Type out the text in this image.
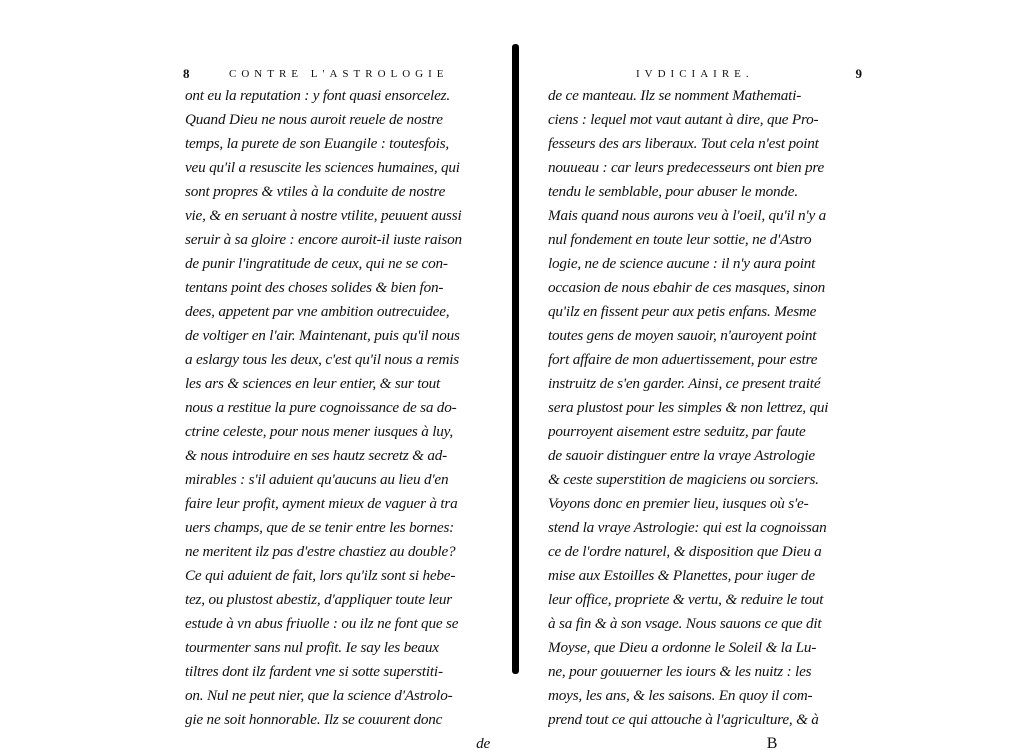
8	CONTRE L'ASTROLOGIE
ont eu la reputation : y font quasi ensorcelez.
Quand Dieu ne nous auroit reuele de nostre
temps, la purete de son Euangile : toutesfois,
veu qu'il a resuscite les sciences humaines, qui
sont propres & vtiles à la conduite de nostre
vie, & en seruant à nostre vtilite, peuuent aussi
seruir à sa gloire : encore auroit-il iuste raison
de punir l'ingratitude de ceux, qui ne se con-
tentans point des choses solides & bien fon-
dees, appetent par vne ambition outrecuidee,
de voltiger en l'air. Maintenant, puis qu'il nous
a eslargy tous les deux, c'est qu'il nous a remis
les ars & sciences en leur entier, & sur tout
nous a restitue la pure cognoissance de sa do-
ctrine celeste, pour nous mener iusques à luy,
& nous introduire en ses hautz secretz & ad-
mirables : s'il aduient qu'aucuns au lieu d'en
faire leur profit, ayment mieux de vaguer à tra
uers champs, que de se tenir entre les bornes:
ne meritent ilz pas d'estre chastiez au double?
Ce qui aduient de fait, lors qu'ilz sont si hebe-
tez, ou plustost abestiz, d'appliquer toute leur
estude à vn abus friuolle : ou ilz ne font que se
tourmenter sans nul profit. Ie say les beaux
tiltres dont ilz fardent vne si sotte superstiti-
on. Nul ne peut nier, que la science d'Astrolo-
gie ne soit honnorable. Ilz se couurent donc
de
IVDICIAIRE.	9
de ce manteau. Ilz se nomment Mathemati-
ciens : lequel mot vaut autant à dire, que Pro-
fesseurs des ars liberaux. Tout cela n'est point
nouueau : car leurs predecesseurs ont bien pre
tendu le semblable, pour abuser le monde.
Mais quand nous aurons veu à l'oeil, qu'il n'y a
nul fondement en toute leur sottie, ne d'Astro
logie, ne de science aucune : il n'y aura point
occasion de nous ebahir de ces masques, sinon
qu'ilz en fissent peur aux petis enfans. Mesme
toutes gens de moyen sauoir, n'auroyent point
fort affaire de mon aduertissement, pour estre
instruitz de s'en garder. Ainsi, ce present traité
sera plustost pour les simples & non lettrez, qui
pourroyent aisement estre seduitz, par faute
de sauoir distinguer entre la vraye Astrologie
& ceste superstition de magiciens ou sorciers.
Voyons donc en premier lieu, iusques où s'e-
stend la vraye Astrologie: qui est la cognoissan
ce de l'ordre naturel, & disposition que Dieu a
mise aux Estoilles & Planettes, pour iuger de
leur office, propriete & vertu, & reduire le tout
à sa fin & à son vsage. Nous sauons ce que dit
Moyse, que Dieu a ordonne le Soleil & la Lu-
ne, pour gouuerner les iours & les nuitz : les
moys, les ans, & les saisons. En quoy il com-
prend tout ce qui attouche à l'agriculture, & à
B
